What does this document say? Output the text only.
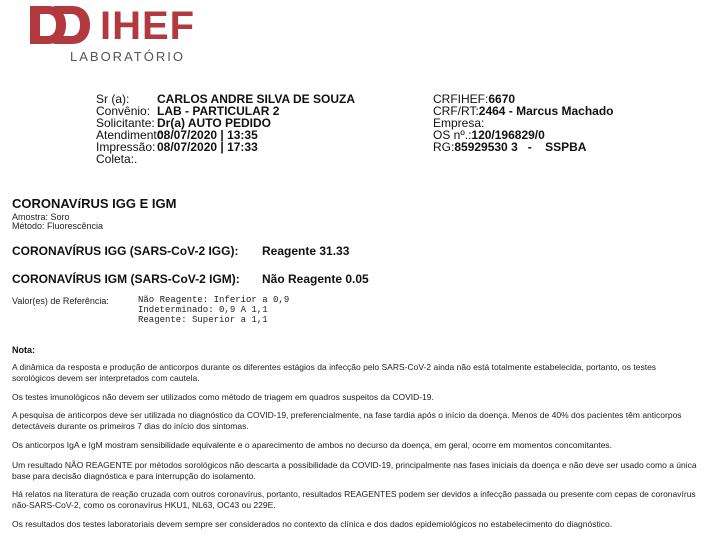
IHEF
LABORATÓRIO
Sr (a): CARLOS ANDRE SILVA DE SOUZA
Convênio: LAB - PARTICULAR 2
Solicitante: Dr(a) AUTO PEDIDO
Atendimento:
08/07/2020 | 13:35
Impressão: 08/07/2020 | 17:33
Coleta:.
CRFIHEF:6670
CRF/RT:2464 - Marcus Machado
Empresa:
OS nº.:120/196829/0
RG:85929530 3   -    SSPBA
CORONAVíRUS IGG E IGM
Amostra: Soro
Método: Fluorescência
CORONAVÍRUS IGG (SARS-CoV-2 IGG): Reagente 31.33
CORONAVÍRUS IGM (SARS-CoV-2 IGM): Não Reagente 0.05
Valor(es) de Referência:	Não Reagente: Inferior a 0,9
Indeterminado: 0,9 A 1,1
Reagente: Superior a 1,1
Nota:
A dinâmica da resposta e produção de anticorpos durante os diferentes estágios da infecção pelo SARS-CoV-2 ainda não está totalmente estabelecida, portanto, os testes sorológicos devem ser interpretados com cautela.
Os testes imunológicos não devem ser utilizados como método de triagem em quadros suspeitos da COVID-19.
A pesquisa de anticorpos deve ser utilizada no diagnóstico da COVID-19, preferencialmente, na fase tardia após o início da doença. Menos de 40% dos pacientes têm anticorpos detectáveis durante os primeiros 7 dias do início dos sintomas.
Os anticorpos IgA e IgM mostram sensibilidade equivalente e o aparecimento de ambos no decurso da doença, em geral, ocorre em momentos concomitantes.
Um resultado NÃO REAGENTE por métodos sorológicos não descarta a possibilidade da COVID-19, principalmente nas fases iniciais da doença e não deve ser usado como a única base para decisão diagnóstica e para interrupção do isolamento.
Há relatos na literatura de reação cruzada com outros coronavírus, portanto, resultados REAGENTES podem ser devidos a infecção passada ou presente com cepas de coronavírus não-SARS-CoV-2, como os coronavírus HKU1, NL63, OC43 ou 229E.
Os resultados dos testes laboratoriais devem sempre ser considerados no contexto da clínica e dos dados epidemiológicos no estabelecimento do diagnóstico.
